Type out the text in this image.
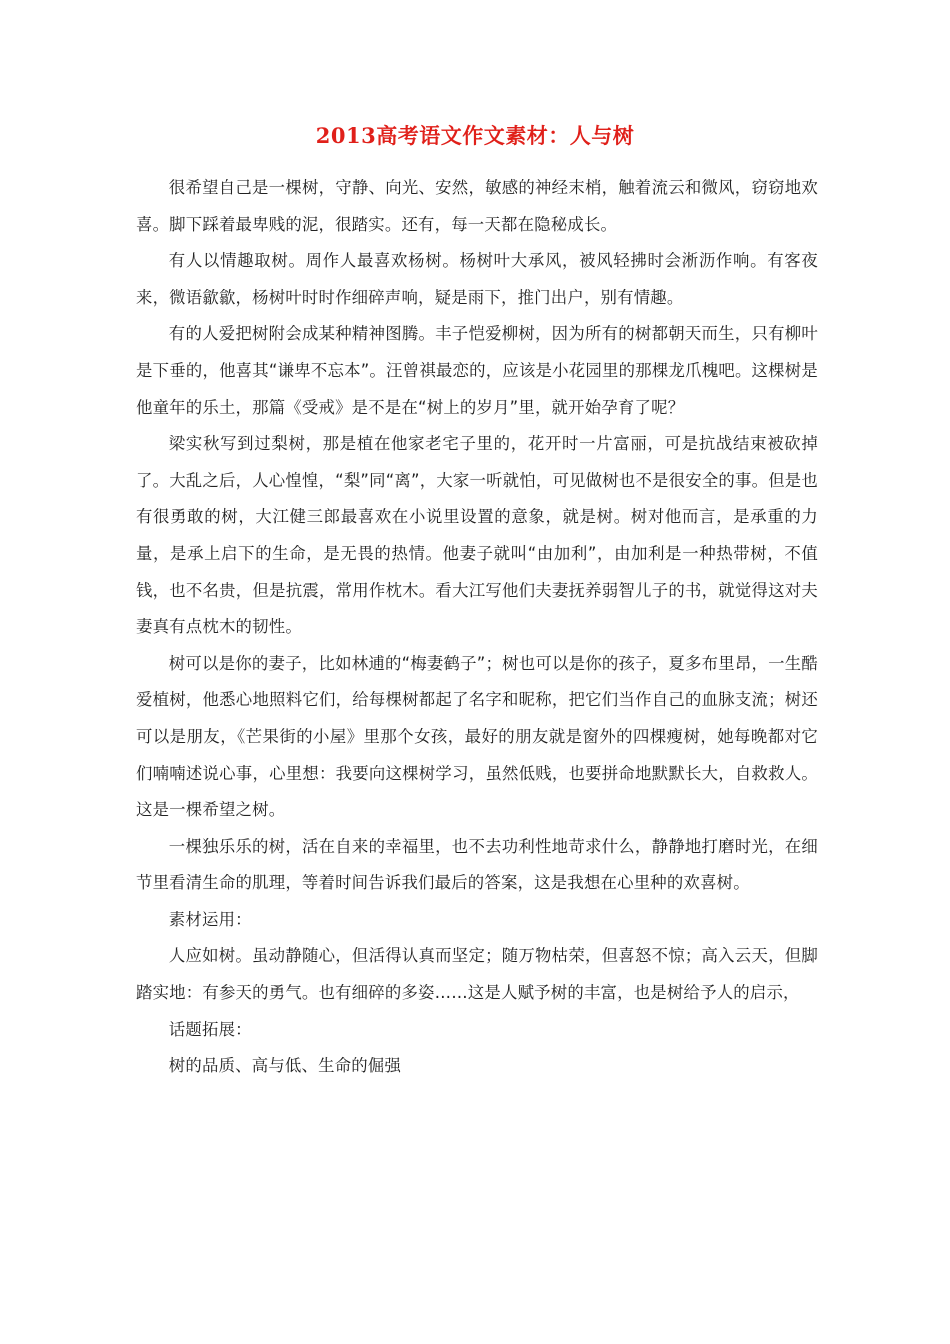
2013高考语文作文素材：人与树

很希望自己是一棵树，守静、向光、安然，敏感的神经末梢，触着流云和微风，窃窃地欢喜。脚下踩着最卑贱的泥，很踏实。还有，每一天都在隐秘成长。

有人以情趣取树。周作人最喜欢杨树。杨树叶大承风，被风轻拂时会淅沥作响。有客夜来，微语歙歙，杨树叶时时作细碎声响，疑是雨下，推门出户，别有情趣。

有的人爱把树附会成某种精神图腾。丰子恺爱柳树，因为所有的树都朝天而生，只有柳叶是下垂的，他喜其“谦卑不忘本”。汪曾祺最恋的，应该是小花园里的那棵龙爪槐吧。这棵树是他童年的乐土，那篇《受戒》是不是在“树上的岁月”里，就开始孕育了呢？

梁实秋写到过梨树，那是植在他家老宅子里的，花开时一片富丽，可是抗战结束被砍掉了。大乱之后，人心惶惶，“梨”同“离”，大家一听就怕，可见做树也不是很安全的事。但是也有很勇敢的树，大江健三郎最喜欢在小说里设置的意象，就是树。树对他而言，是承重的力量，是承上启下的生命，是无畏的热情。他妻子就叫“由加利”，由加利是一种热带树，不值钱，也不名贵，但是抗震，常用作枕木。看大江写他们夫妻抚养弱智儿子的书，就觉得这对夫妻真有点枕木的韧性。

树可以是你的妻子，比如林逋的“梅妻鹤子”；树也可以是你的孩子，夏多布里昂，一生酷爱植树，他悉心地照料它们，给每棵树都起了名字和昵称，把它们当作自己的血脉支流；树还可以是朋友，《芒果街的小屋》里那个女孩，最好的朋友就是窗外的四棵瘦树，她每晚都对它们喃喃述说心事，心里想：我要向这棵树学习，虽然低贱，也要拼命地默默长大，自救救人。这是一棵希望之树。

一棵独乐乐的树，活在自来的幸福里，也不去功利性地苛求什么，静静地打磨时光，在细节里看清生命的肌理，等着时间告诉我们最后的答案，这是我想在心里种的欢喜树。

素材运用：

人应如树。虽动静随心，但活得认真而坚定；随万物枯荣，但喜怒不惊；高入云天，但脚踏实地：有参天的勇气。也有细碎的多姿……这是人赋予树的丰富，也是树给予人的启示，

话题拓展：

树的品质、高与低、生命的倔强
